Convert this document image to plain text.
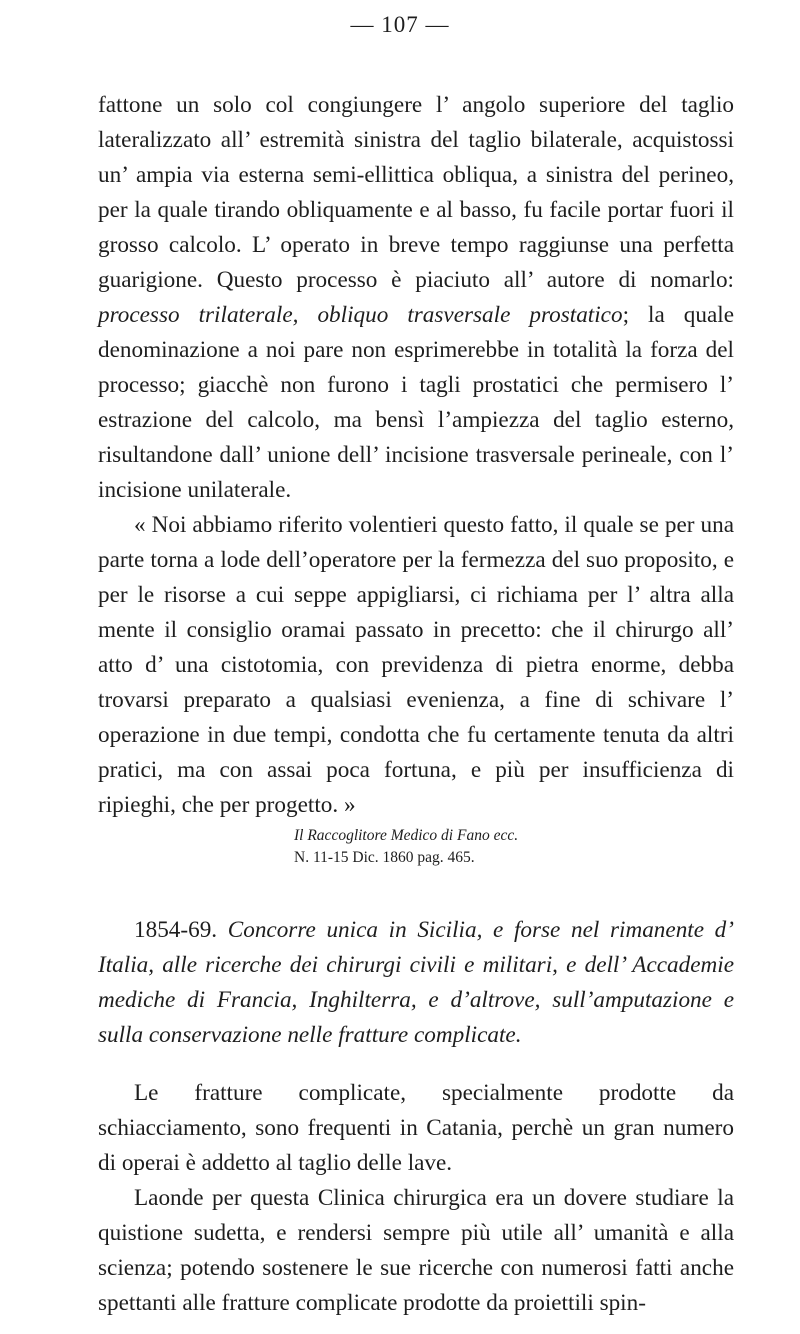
— 107 —

fattone un solo col congiungere l’ angolo superiore del taglio lateralizzato all’ estremità sinistra del taglio bilaterale, acquistossi un’ ampia via esterna semi-ellittica obliqua, a sinistra del perineo, per la quale tirando obliquamente e al basso, fu facile portar fuori il grosso calcolo. L’ operato in breve tempo raggiunse una perfetta guarigione. Questo processo è piaciuto all’ autore di nomarlo: processo trilaterale, obliquo trasversale prostatico; la quale denominazione a noi pare non esprimerebbe in totalità la forza del processo; giacchè non furono i tagli prostatici che permisero l’ estrazione del calcolo, ma bensì l’ampiezza del taglio esterno, risultandone dall’ unione dell’ incisione trasversale perineale, con l’ incisione unilaterale.

« Noi abbiamo riferito volentieri questo fatto, il quale se per una parte torna a lode dell’operatore per la fermezza del suo proposito, e per le risorse a cui seppe appigliarsi, ci richiama per l’ altra alla mente il consiglio oramai passato in precetto: che il chirurgo all’ atto d’ una cistotomia, con previdenza di pietra enorme, debba trovarsi preparato a qualsiasi evenienza, a fine di schivare l’ operazione in due tempi, condotta che fu certamente tenuta da altri pratici, ma con assai poca fortuna, e più per insufficienza di ripieghi, che per progetto. »

Il Raccoglitore Medico di Fano ecc.
N. 11-15 Dic. 1860 pag. 465.

1854-69. Concorre unica in Sicilia, e forse nel rimanente d’ Italia, alle ricerche dei chirurgi civili e militari, e dell’ Accademie mediche di Francia, Inghilterra, e d’altrove, sull’amputazione e sulla conservazione nelle fratture complicate.

Le fratture complicate, specialmente prodotte da schiacciamento, sono frequenti in Catania, perchè un gran numero di operai è addetto al taglio delle lave.

Laonde per questa Clinica chirurgica era un dovere studiare la quistione sudetta, e rendersi sempre più utile all’ umanità e alla scienza; potendo sostenere le sue ricerche con numerosi fatti anche spettanti alle fratture complicate prodotte da proiettili spin-
